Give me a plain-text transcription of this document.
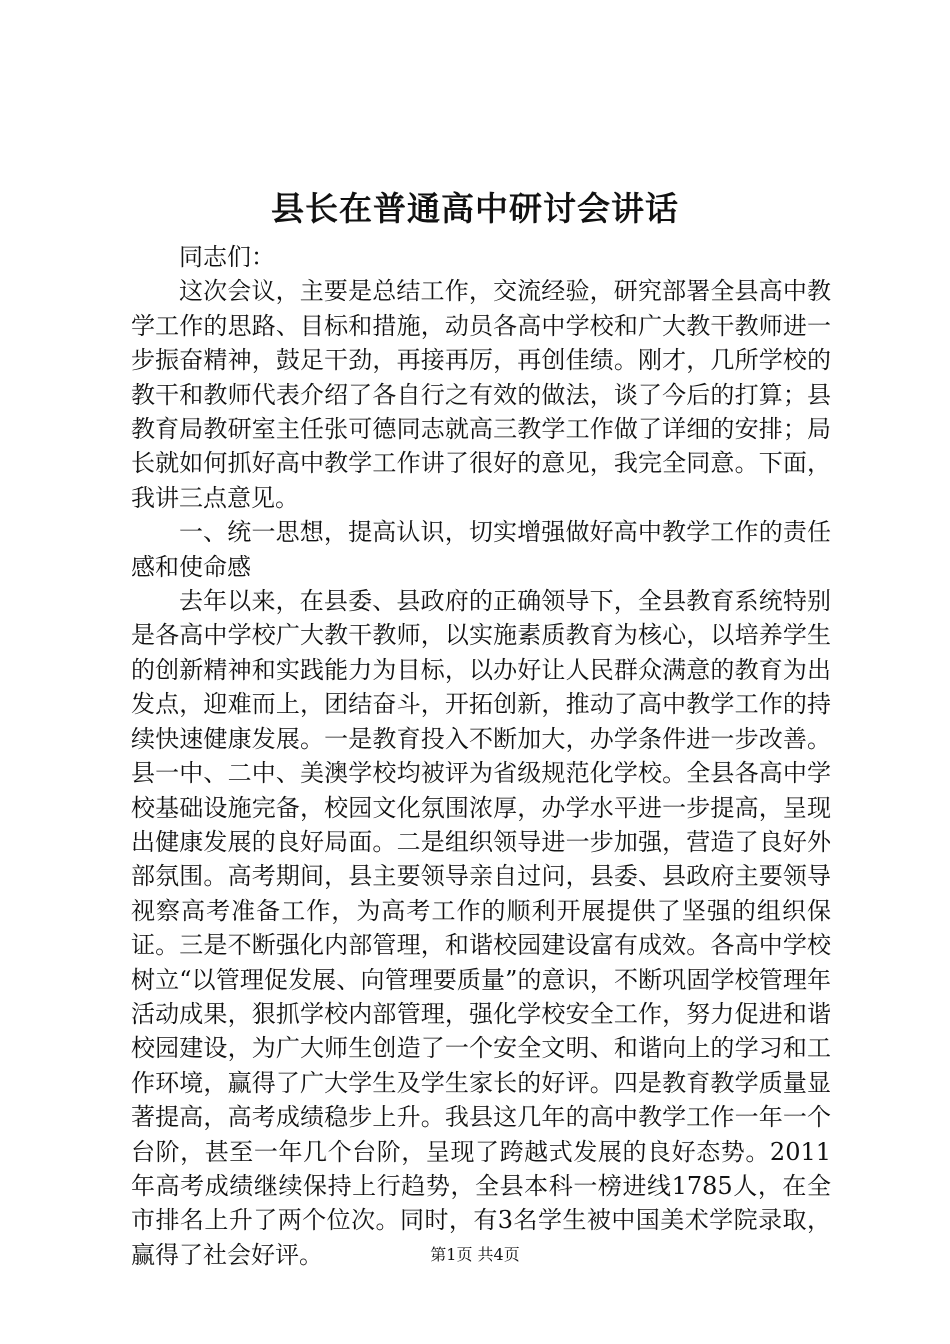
县长在普通高中研讨会讲话

同志们：

这次会议，主要是总结工作，交流经验，研究部署全县高中教学工作的思路、目标和措施，动员各高中学校和广大教干教师进一步振奋精神，鼓足干劲，再接再厉，再创佳绩。刚才，几所学校的教干和教师代表介绍了各自行之有效的做法，谈了今后的打算；县教育局教研室主任张可德同志就高三教学工作做了详细的安排；局长就如何抓好高中教学工作讲了很好的意见，我完全同意。下面，我讲三点意见。

一、统一思想，提高认识，切实增强做好高中教学工作的责任感和使命感

去年以来，在县委、县政府的正确领导下，全县教育系统特别是各高中学校广大教干教师，以实施素质教育为核心，以培养学生的创新精神和实践能力为目标，以办好让人民群众满意的教育为出发点，迎难而上，团结奋斗，开拓创新，推动了高中教学工作的持续快速健康发展。一是教育投入不断加大，办学条件进一步改善。县一中、二中、美澳学校均被评为省级规范化学校。全县各高中学校基础设施完备，校园文化氛围浓厚，办学水平进一步提高，呈现出健康发展的良好局面。二是组织领导进一步加强，营造了良好外部氛围。高考期间，县主要领导亲自过问，县委、县政府主要领导视察高考准备工作，为高考工作的顺利开展提供了坚强的组织保证。三是不断强化内部管理，和谐校园建设富有成效。各高中学校树立“以管理促发展、向管理要质量”的意识，不断巩固学校管理年活动成果，狠抓学校内部管理，强化学校安全工作，努力促进和谐校园建设，为广大师生创造了一个安全文明、和谐向上的学习和工作环境，赢得了广大学生及学生家长的好评。四是教育教学质量显著提高，高考成绩稳步上升。我县这几年的高中教学工作一年一个台阶，甚至一年几个台阶，呈现了跨越式发展的良好态势。2011年高考成绩继续保持上行趋势，全县本科一榜进线1785人，在全市排名上升了两个位次。同时，有3名学生被中国美术学院录取，赢得了社会好评。	第1页 共4页
